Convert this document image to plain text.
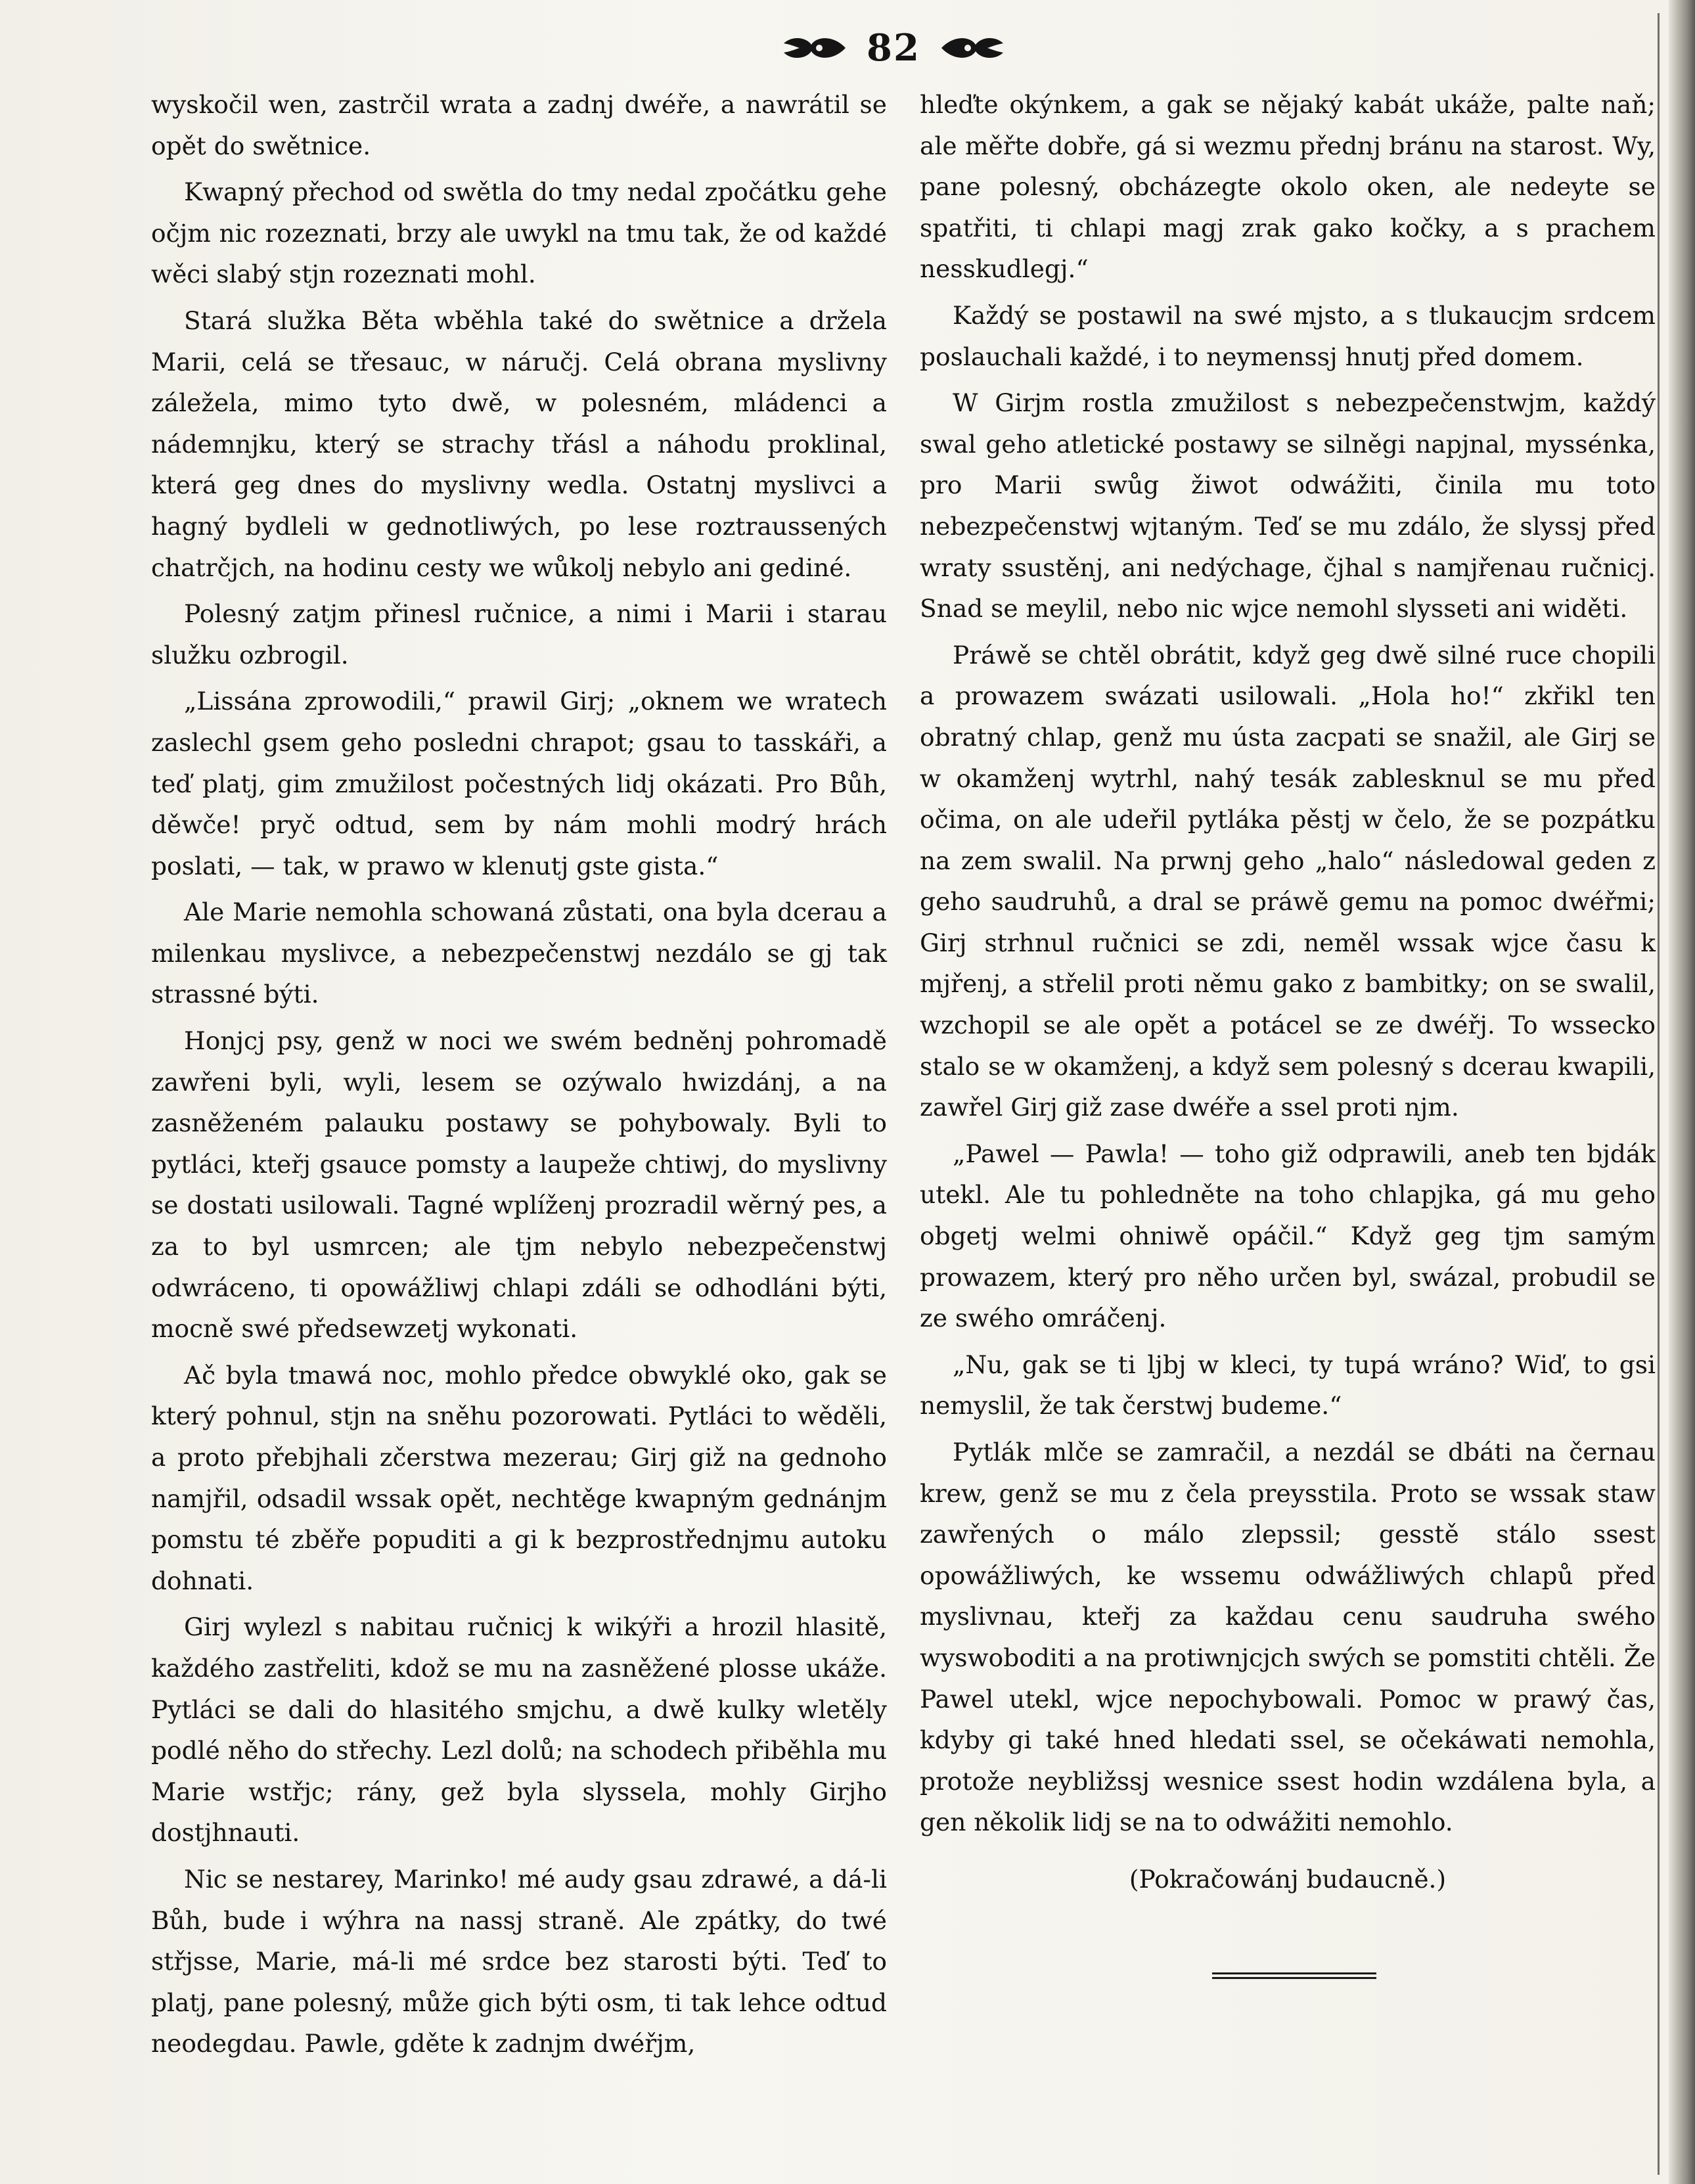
82

wyskočil wen, zastrčil wrata a zadnj dwéře, a nawrátil se opět do swětnice.

Kwapný přechod od swětla do tmy nedal zpočátku gehe očjm nic rozeznati, brzy ale uwykl na tmu tak, že od každé wěci slabý stjn rozeznati mohl.

Stará služka Běta wběhla také do swětnice a držela Marii, celá se třesauc, w náručj. Celá obrana myslivny záležela, mimo tyto dwě, w polesném, mládenci a nádemnjku, který se strachy třásl a náhodu proklinal, která geg dnes do myslivny wedla. Ostatnj myslivci a hagný bydleli w gednotliwých, po lese roztraussených chatrčjch, na hodinu cesty we wůkolj nebylo ani gediné.

Polesný zatjm přinesl ručnice, a nimi i Marii i starau služku ozbrogil.

„Lissána zprowodili,“ prawil Girj; „oknem we wratech zaslechl gsem geho posledni chrapot; gsau to tasskáři, a teď platj, gim zmužilost počestných lidj okázati. Pro Bůh, děwče! pryč odtud, sem by nám mohli modrý hrách poslati, — tak, w prawo w klenutj gste gista.“

Ale Marie nemohla schowaná zůstati, ona byla dcerau a milenkau myslivce, a nebezpečenstwj nezdálo se gj tak strassné býti.

Honjcj psy, genž w noci we swém bedněnj pohromadě zawřeni byli, wyli, lesem se ozýwalo hwizdánj, a na zasněženém palauku postawy se pohybowaly. Byli to pytláci, kteřj gsauce pomsty a laupeže chtiwj, do myslivny se dostati usilowali. Tagné wplíženj prozradil wěrný pes, a za to byl usmrcen; ale tjm nebylo nebezpečenstwj odwráceno, ti opowážliwj chlapi zdáli se odhodláni býti, mocně swé předsewzetj wykonati.

Ač byla tmawá noc, mohlo předce obwyklé oko, gak se který pohnul, stjn na sněhu pozorowati. Pytláci to wěděli, a proto přebjhali zčerstwa mezerau; Girj giž na gednoho namjřil, odsadil wssak opět, nechtěge kwapným gednánjm pomstu té zběře popuditi a gi k bezprostřednjmu autoku dohnati.

Girj wylezl s nabitau ručnicj k wikýři a hrozil hlasitě, každého zastřeliti, kdož se mu na zasněžené plosse ukáže. Pytláci se dali do hlasitého smjchu, a dwě kulky wletěly podlé něho do střechy. Lezl dolů; na schodech přiběhla mu Marie wstřjc; rány, gež byla slyssela, mohly Girjho dostjhnauti.

Nic se nestarey, Marinko! mé audy gsau zdrawé, a dá-li Bůh, bude i wýhra na nassj straně. Ale zpátky, do twé střjsse, Marie, má-li mé srdce bez starosti býti. Teď to platj, pane polesný, může gich býti osm, ti tak lehce odtud neodegdau. Pawle, gděte k zadnjm dwéřjm,

hleďte okýnkem, a gak se nějaký kabát ukáže, palte naň; ale měřte dobře, gá si wezmu přednj bránu na starost. Wy, pane polesný, obcházegte okolo oken, ale nedeyte se spatřiti, ti chlapi magj zrak gako kočky, a s prachem nesskudlegj.“

Každý se postawil na swé mjsto, a s tlukaucjm srdcem poslauchali každé, i to neymenssj hnutj před domem.

W Girjm rostla zmužilost s nebezpečenstwjm, každý swal geho atletické postawy se silněgi napjnal, myssénka, pro Marii swůg žiwot odwážiti, činila mu toto nebezpečenstwj wjtaným. Teď se mu zdálo, že slyssj před wraty ssustěnj, ani nedýchage, čjhal s namjřenau ručnicj. Snad se meylil, nebo nic wjce nemohl slysseti ani widěti.

Práwě se chtěl obrátit, když geg dwě silné ruce chopili a prowazem swázati usilowali. „Hola ho!“ zkřikl ten obratný chlap, genž mu ústa zacpati se snažil, ale Girj se w okamženj wytrhl, nahý tesák zablesknul se mu před očima, on ale udeřil pytláka pěstj w čelo, že se pozpátku na zem swalil. Na prwnj geho „halo“ následowal geden z geho saudruhů, a dral se práwě gemu na pomoc dwéřmi; Girj strhnul ručnici se zdi, neměl wssak wjce času k mjřenj, a střelil proti němu gako z bambitky; on se swalil, wzchopil se ale opět a potácel se ze dwéřj. To wssecko stalo se w okamženj, a když sem polesný s dcerau kwapili, zawřel Girj giž zase dwéře a ssel proti njm.

„Pawel — Pawla! — toho giž odprawili, aneb ten bjdák utekl. Ale tu pohledněte na toho chlapjka, gá mu geho obgetj welmi ohniwě opáčil.“ Když geg tjm samým prowazem, který pro něho určen byl, swázal, probudil se ze swého omráčenj.

„Nu, gak se ti ljbj w kleci, ty tupá wráno? Wiď, to gsi nemyslil, že tak čerstwj budeme.“

Pytlák mlče se zamračil, a nezdál se dbáti na černau krew, genž se mu z čela preysstila. Proto se wssak staw zawřených o málo zlepssil; gesstě stálo ssest opowážliwých, ke wssemu odwážliwých chlapů před myslivnau, kteřj za každau cenu saudruha swého wyswoboditi a na protiwnjcjch swých se pomstiti chtěli. Že Pawel utekl, wjce nepochybowali. Pomoc w prawý čas, kdyby gi také hned hledati ssel, se očekáwati nemohla, protože neybližssj wesnice ssest hodin wzdálena byla, a gen několik lidj se na to odwážiti nemohlo.

(Pokračowánj budaucně.)
